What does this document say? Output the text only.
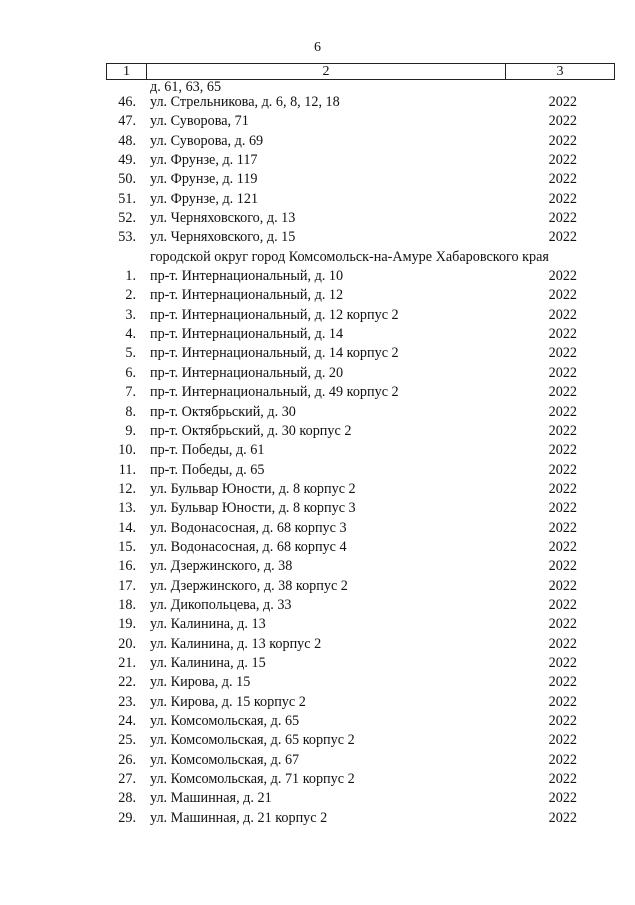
6
1	2	3
д. 61, 63, 65
46. ул. Стрельникова, д. 6, 8, 12, 18	2022
47. ул. Суворова, 71	2022
48. ул. Суворова, д. 69	2022
49. ул. Фрунзе, д. 117	2022
50. ул. Фрунзе, д. 119	2022
51. ул. Фрунзе, д. 121	2022
52. ул. Черняховского, д. 13	2022
53. ул. Черняховского, д. 15	2022
городской округ город Комсомольск-на-Амуре Хабаровского края
1. пр-т. Интернациональный, д. 10	2022
2. пр-т. Интернациональный, д. 12	2022
3. пр-т. Интернациональный, д. 12 корпус 2	2022
4. пр-т. Интернациональный, д. 14	2022
5. пр-т. Интернациональный, д. 14 корпус 2	2022
6. пр-т. Интернациональный, д. 20	2022
7. пр-т. Интернациональный, д. 49 корпус 2	2022
8. пр-т. Октябрьский, д. 30	2022
9. пр-т. Октябрьский, д. 30 корпус 2	2022
10. пр-т. Победы, д. 61	2022
11. пр-т. Победы, д. 65	2022
12. ул. Бульвар Юности, д. 8 корпус 2	2022
13. ул. Бульвар Юности, д. 8 корпус 3	2022
14. ул. Водонасосная, д. 68 корпус 3	2022
15. ул. Водонасосная, д. 68 корпус 4	2022
16. ул. Дзержинского, д. 38	2022
17. ул. Дзержинского, д. 38 корпус 2	2022
18. ул. Дикопольцева, д. 33	2022
19. ул. Калинина, д. 13	2022
20. ул. Калинина, д. 13 корпус 2	2022
21. ул. Калинина, д. 15	2022
22. ул. Кирова, д. 15	2022
23. ул. Кирова, д. 15 корпус 2	2022
24. ул. Комсомольская, д. 65	2022
25. ул. Комсомольская, д. 65 корпус 2	2022
26. ул. Комсомольская, д. 67	2022
27. ул. Комсомольская, д. 71 корпус 2	2022
28. ул. Машинная, д. 21	2022
29. ул. Машинная, д. 21 корпус 2	2022
